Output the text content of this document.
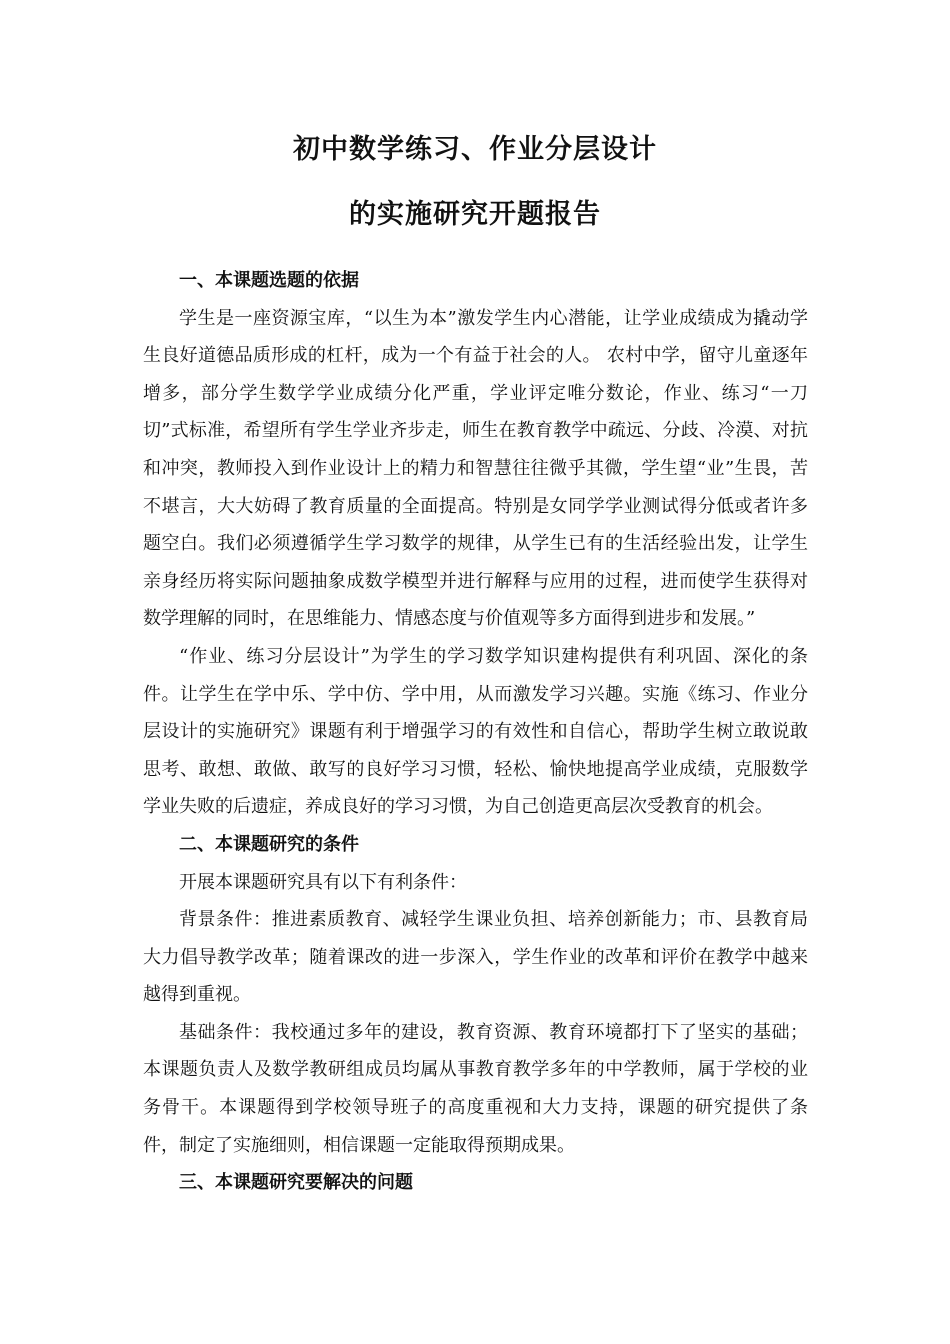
初中数学练习、作业分层设计
的实施研究开题报告

一、本课题选题的依据

学生是一座资源宝库，“以生为本”激发学生内心潜能，让学业成绩成为撬动学生良好道德品质形成的杠杆，成为一个有益于社会的人。 农村中学，留守儿童逐年增多，部分学生数学学业成绩分化严重，学业评定唯分数论，作业、练习“一刀切”式标准，希望所有学生学业齐步走，师生在教育教学中疏远、分歧、冷漠、对抗和冲突，教师投入到作业设计上的精力和智慧往往微乎其微，学生望“业”生畏，苦不堪言，大大妨碍了教育质量的全面提高。特别是女同学学业测试得分低或者许多题空白。我们必须遵循学生学习数学的规律，从学生已有的生活经验出发，让学生亲身经历将实际问题抽象成数学模型并进行解释与应用的过程，进而使学生获得对数学理解的同时，在思维能力、情感态度与价值观等多方面得到进步和发展。”

“作业、练习分层设计”为学生的学习数学知识建构提供有利巩固、深化的条件。让学生在学中乐、学中仿、学中用，从而激发学习兴趣。实施《练习、作业分层设计的实施研究》课题有利于增强学习的有效性和自信心，帮助学生树立敢说敢思考、敢想、敢做、敢写的良好学习习惯，轻松、愉快地提高学业成绩，克服数学学业失败的后遗症，养成良好的学习习惯，为自己创造更高层次受教育的机会。

二、本课题研究的条件

开展本课题研究具有以下有利条件：

背景条件：推进素质教育、减轻学生课业负担、培养创新能力；市、县教育局大力倡导教学改革；随着课改的进一步深入，学生作业的改革和评价在教学中越来越得到重视。

基础条件：我校通过多年的建设，教育资源、教育环境都打下了坚实的基础；本课题负责人及数学教研组成员均属从事教育教学多年的中学教师，属于学校的业务骨干。本课题得到学校领导班子的高度重视和大力支持，课题的研究提供了条件，制定了实施细则，相信课题一定能取得预期成果。

三、本课题研究要解决的问题
